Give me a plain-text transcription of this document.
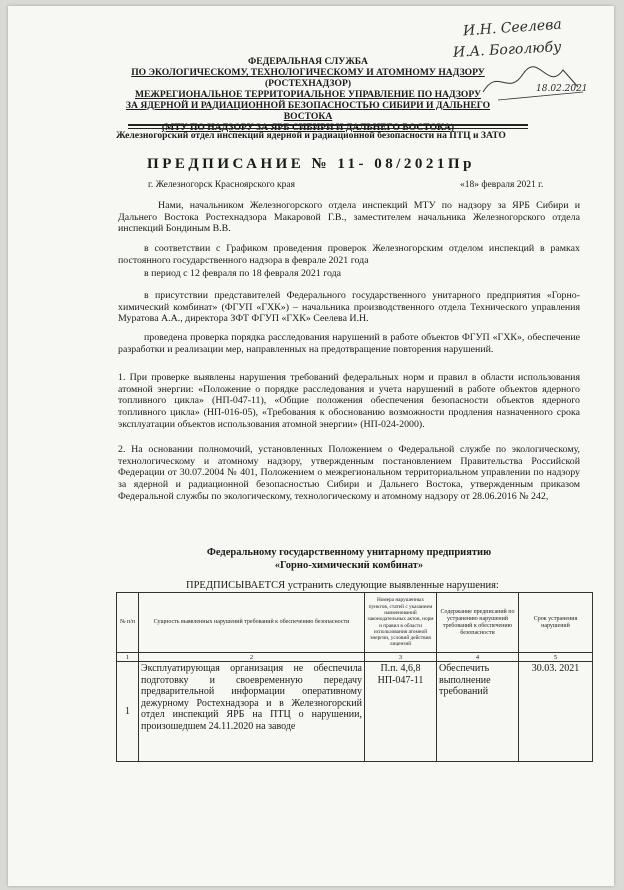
И.Н. Сеелева
И.А. Боголюбу
18.02.2021
ФЕДЕРАЛЬНАЯ СЛУЖБА
ПО ЭКОЛОГИЧЕСКОМУ, ТЕХНОЛОГИЧЕСКОМУ И АТОМНОМУ НАДЗОРУ
(РОСТЕХНАДЗОР)
МЕЖРЕГИОНАЛЬНОЕ ТЕРРИТОРИАЛЬНОЕ УПРАВЛЕНИЕ ПО НАДЗОРУ
ЗА ЯДЕРНОЙ И РАДИАЦИОННОЙ БЕЗОПАСНОСТЬЮ СИБИРИ И ДАЛЬНЕГО ВОСТОКА
(МТУ ПО НАДЗОРУ ЗА ЯРБ СИБИРИ И ДАЛЬНЕГО ВОСТОКА)
Железногорский отдел инспекций ядерной и радиационной безопасности на ПТЦ и ЗАТО
ПРЕДПИСАНИЕ № 11- 08/2021Пр
г. Железногорск Красноярского края	«18» февраля 2021 г.
Нами, начальником Железногорского отдела инспекций МТУ по надзору за ЯРБ Сибири и Дальнего Востока Ростехнадзора Макаровой Г.В., заместителем начальника Железногорского отдела инспекций Бондиным В.В.
в соответствии с Графиком проведения проверок Железногорским отделом инспекций в рамках постоянного государственного надзора в феврале 2021 года
в период с 12 февраля по 18 февраля 2021 года
в присутствии представителей Федерального государственного унитарного предприятия «Горно-химический комбинат» (ФГУП «ГХК») – начальника производственного отдела Технического управления Муратова А.А., директора ЗФТ ФГУП «ГХК» Сеелева И.Н.
проведена проверка порядка расследования нарушений в работе объектов ФГУП «ГХК», обеспечение разработки и реализации мер, направленных на предотвращение повторения нарушений.
1. При проверке выявлены нарушения требований федеральных норм и правил в области использования атомной энергии: «Положение о порядке расследования и учета нарушений в работе объектов ядерного топливного цикла» (НП-047-11), «Общие положения обеспечения безопасности объектов ядерного топливного цикла» (НП-016-05), «Требования к обоснованию возможности продления назначенного срока эксплуатации объектов использования атомной энергии» (НП-024-2000).
2. На основании полномочий, установленных Положением о Федеральной службе по экологическому, технологическому и атомному надзору, утвержденным постановлением Правительства Российской Федерации от 30.07.2004 № 401, Положением о межрегиональном территориальном управлении по надзору за ядерной и радиационной безопасностью Сибири и Дальнего Востока, утвержденным приказом Федеральной службы по экологическому, технологическому и атомному надзору от 28.06.2016 № 242,
Федеральному государственному унитарному предприятию
«Горно-химический комбинат»
ПРЕДПИСЫВАЕТСЯ устранить следующие выявленные нарушения:
№ п/п	Сущность выявленных нарушений требований к обеспечению безопасности	Номера нарушенных пунктов, статей с указанием наименований законодательных актов, норм и правил в области использования атомной энергии, условий действия лицензий	Содержание предписаний по устранению нарушений требований к обеспечению безопасности	Срок устранения нарушений
1	2	3	4	5
1	Эксплуатирующая организация не обеспечила подготовку и своевременную передачу предварительной информации оперативному дежурному Ростехнадзора и в Железногорский отдел инспекций ЯРБ на ПТЦ о нарушении, произошедшем 24.11.2020 на заводе	П.п. 4,6,8 НП-047-11	Обеспечить выполнение требований	30.03. 2021
